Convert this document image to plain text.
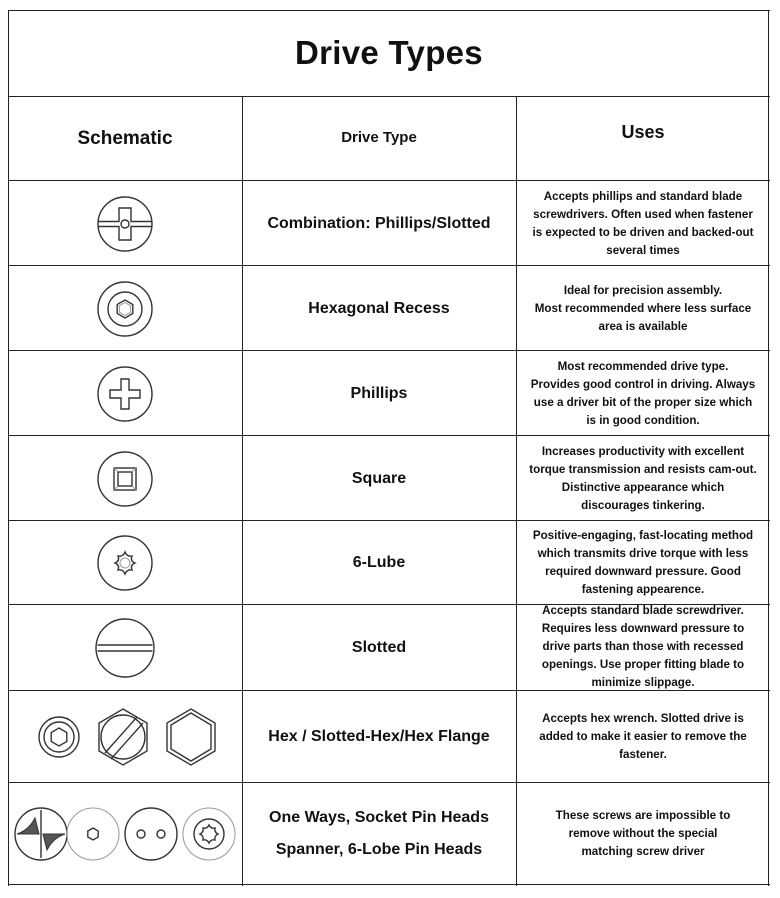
Drive Types
Schematic	Drive Type	Uses
Combination: Phillips/Slotted
Accepts phillips and standard blade
screwdrivers. Often used when fastener
is expected to be driven and backed-out
several times
Hexagonal Recess
Ideal for precision assembly.
Most recommended where less surface
area is available
Phillips
Most recommended drive type.
Provides good control in driving. Always
use a driver bit of the proper size which
is in good condition.
Square
Increases productivity with excellent
torque transmission and resists cam-out.
Distinctive appearance which
discourages tinkering.
6-Lube
Positive-engaging, fast-locating method
which transmits drive torque with less
required downward pressure. Good
fastening appearence.
Slotted
Accepts standard blade screwdriver.
Requires less downward pressure to
drive parts than those with recessed
openings. Use proper fitting blade to
minimize slippage.
Hex / Slotted-Hex/Hex Flange
Accepts hex wrench. Slotted drive is
added to make it easier to remove the
fastener.
One Ways, Socket Pin Heads
Spanner, 6-Lobe Pin Heads
These screws are impossible to
remove without the special
matching screw driver
